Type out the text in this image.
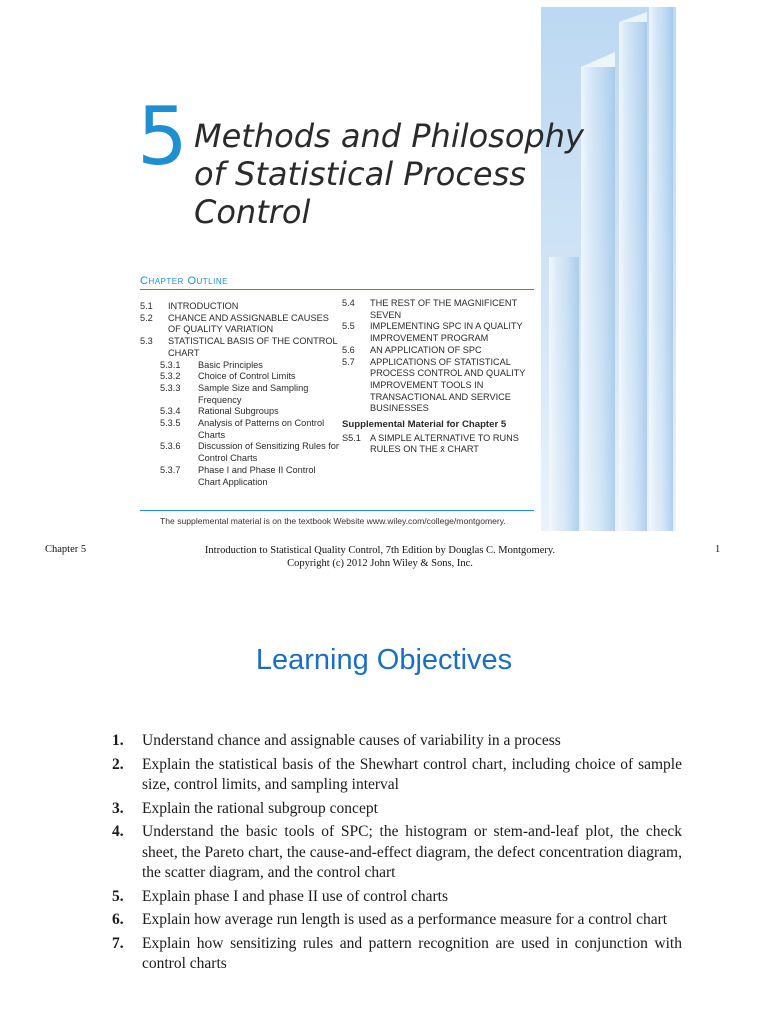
5 Methods and Philosophy
of Statistical Process
Control
Chapter Outline
5.1	INTRODUCTION
5.2	CHANCE AND ASSIGNABLE CAUSES OF QUALITY VARIATION
5.3	STATISTICAL BASIS OF THE CONTROL CHART
5.3.1	Basic Principles
5.3.2	Choice of Control Limits
5.3.3	Sample Size and Sampling Frequency
5.3.4	Rational Subgroups
5.3.5	Analysis of Patterns on Control Charts
5.3.6	Discussion of Sensitizing Rules for Control Charts
5.3.7	Phase I and Phase II Control Chart Application
5.4	THE REST OF THE MAGNIFICENT SEVEN
5.5	IMPLEMENTING SPC IN A QUALITY IMPROVEMENT PROGRAM
5.6	AN APPLICATION OF SPC
5.7	APPLICATIONS OF STATISTICAL PROCESS CONTROL AND QUALITY IMPROVEMENT TOOLS IN TRANSACTIONAL AND SERVICE BUSINESSES
Supplemental Material for Chapter 5
S5.1 A SIMPLE ALTERNATIVE TO RUNS RULES ON THE x̄ CHART
The supplemental material is on the textbook Website www.wiley.com/college/montgomery.
Chapter 5	Introduction to Statistical Quality Control, 7th Edition by Douglas C. Montgomery.
Copyright (c) 2012 John Wiley & Sons, Inc.
1
Learning Objectives
1.	Understand chance and assignable causes of variability in a process
2.	Explain the statistical basis of the Shewhart control chart, including choice of sample size, control limits, and sampling interval
3.	Explain the rational subgroup concept
4.	Understand the basic tools of SPC; the histogram or stem-and-leaf plot, the check sheet, the Pareto chart, the cause-and-effect diagram, the defect concentration diagram, the scatter diagram, and the control chart
5.	Explain phase I and phase II use of control charts
6.	Explain how average run length is used as a performance measure for a control chart
7.	Explain how sensitizing rules and pattern recognition are used in conjunction with control charts
